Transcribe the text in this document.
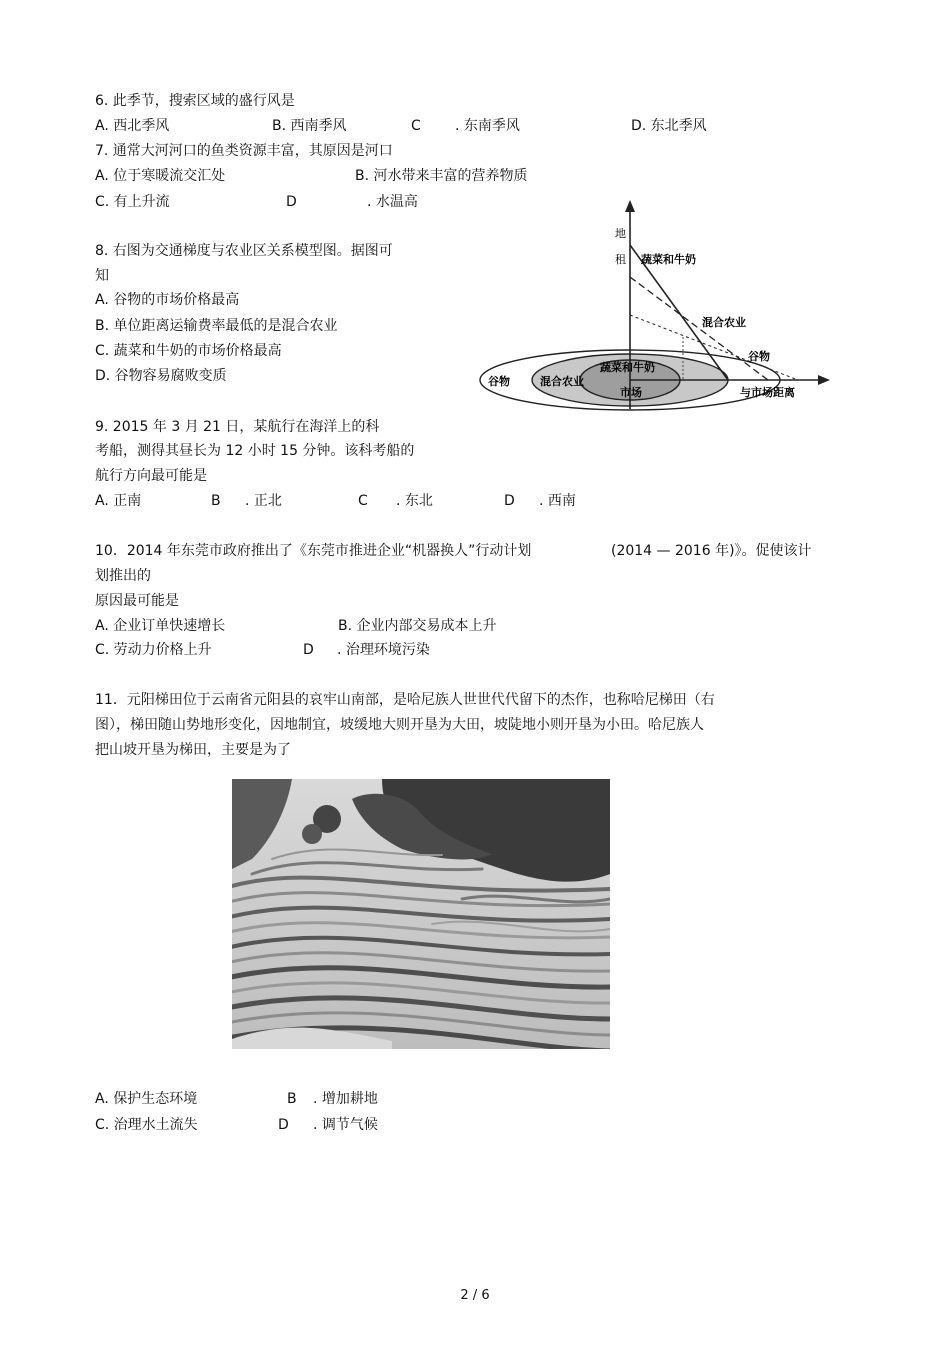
6. 此季节，搜索区域的盛行风是
A. 西北季风	B. 西南季风	C . 东南季风	D. 东北季风
7. 通常大河河口的鱼类资源丰富，其原因是河口
A. 位于寒暖流交汇处	B. 河水带来丰富的营养物质
C. 有上升流	D	. 水温高
8. 右图为交通梯度与农业区关系模型图。据图可
知
A. 谷物的市场价格最高
B. 单位距离运输费率最低的是混合农业
C. 蔬菜和牛奶的市场价格最高
D. 谷物容易腐败变质
地
租 蔬菜和牛奶
混合农业
谷物
与市场距离
谷物	混合农业
蔬菜和牛奶
市场
9. 2015 年 3 月 21 日，某航行在海洋上的科
考船，测得其昼长为 12 小时 15 分钟。该科考船的
航行方向最可能是
A. 正南	B . 正北	C . 东北	D . 西南
10．2014 年东莞市政府推出了《东莞市推进企业“机器换人”行动计划	(2014 — 2016 年)》。促使该计
划推出的
原因最可能是
A. 企业订单快速增长	B. 企业内部交易成本上升
C. 劳动力价格上升	D . 治理环境污染
11．元阳梯田位于云南省元阳县的哀牢山南部，是哈尼族人世世代代留下的杰作，也称哈尼梯田（右
图），梯田随山势地形变化，因地制宜，坡缓地大则开垦为大田，坡陡地小则开垦为小田。哈尼族人
把山坡开垦为梯田，主要是为了
A. 保护生态环境	B . 增加耕地
C. 治理水土流失	D . 调节气候
2 / 6
